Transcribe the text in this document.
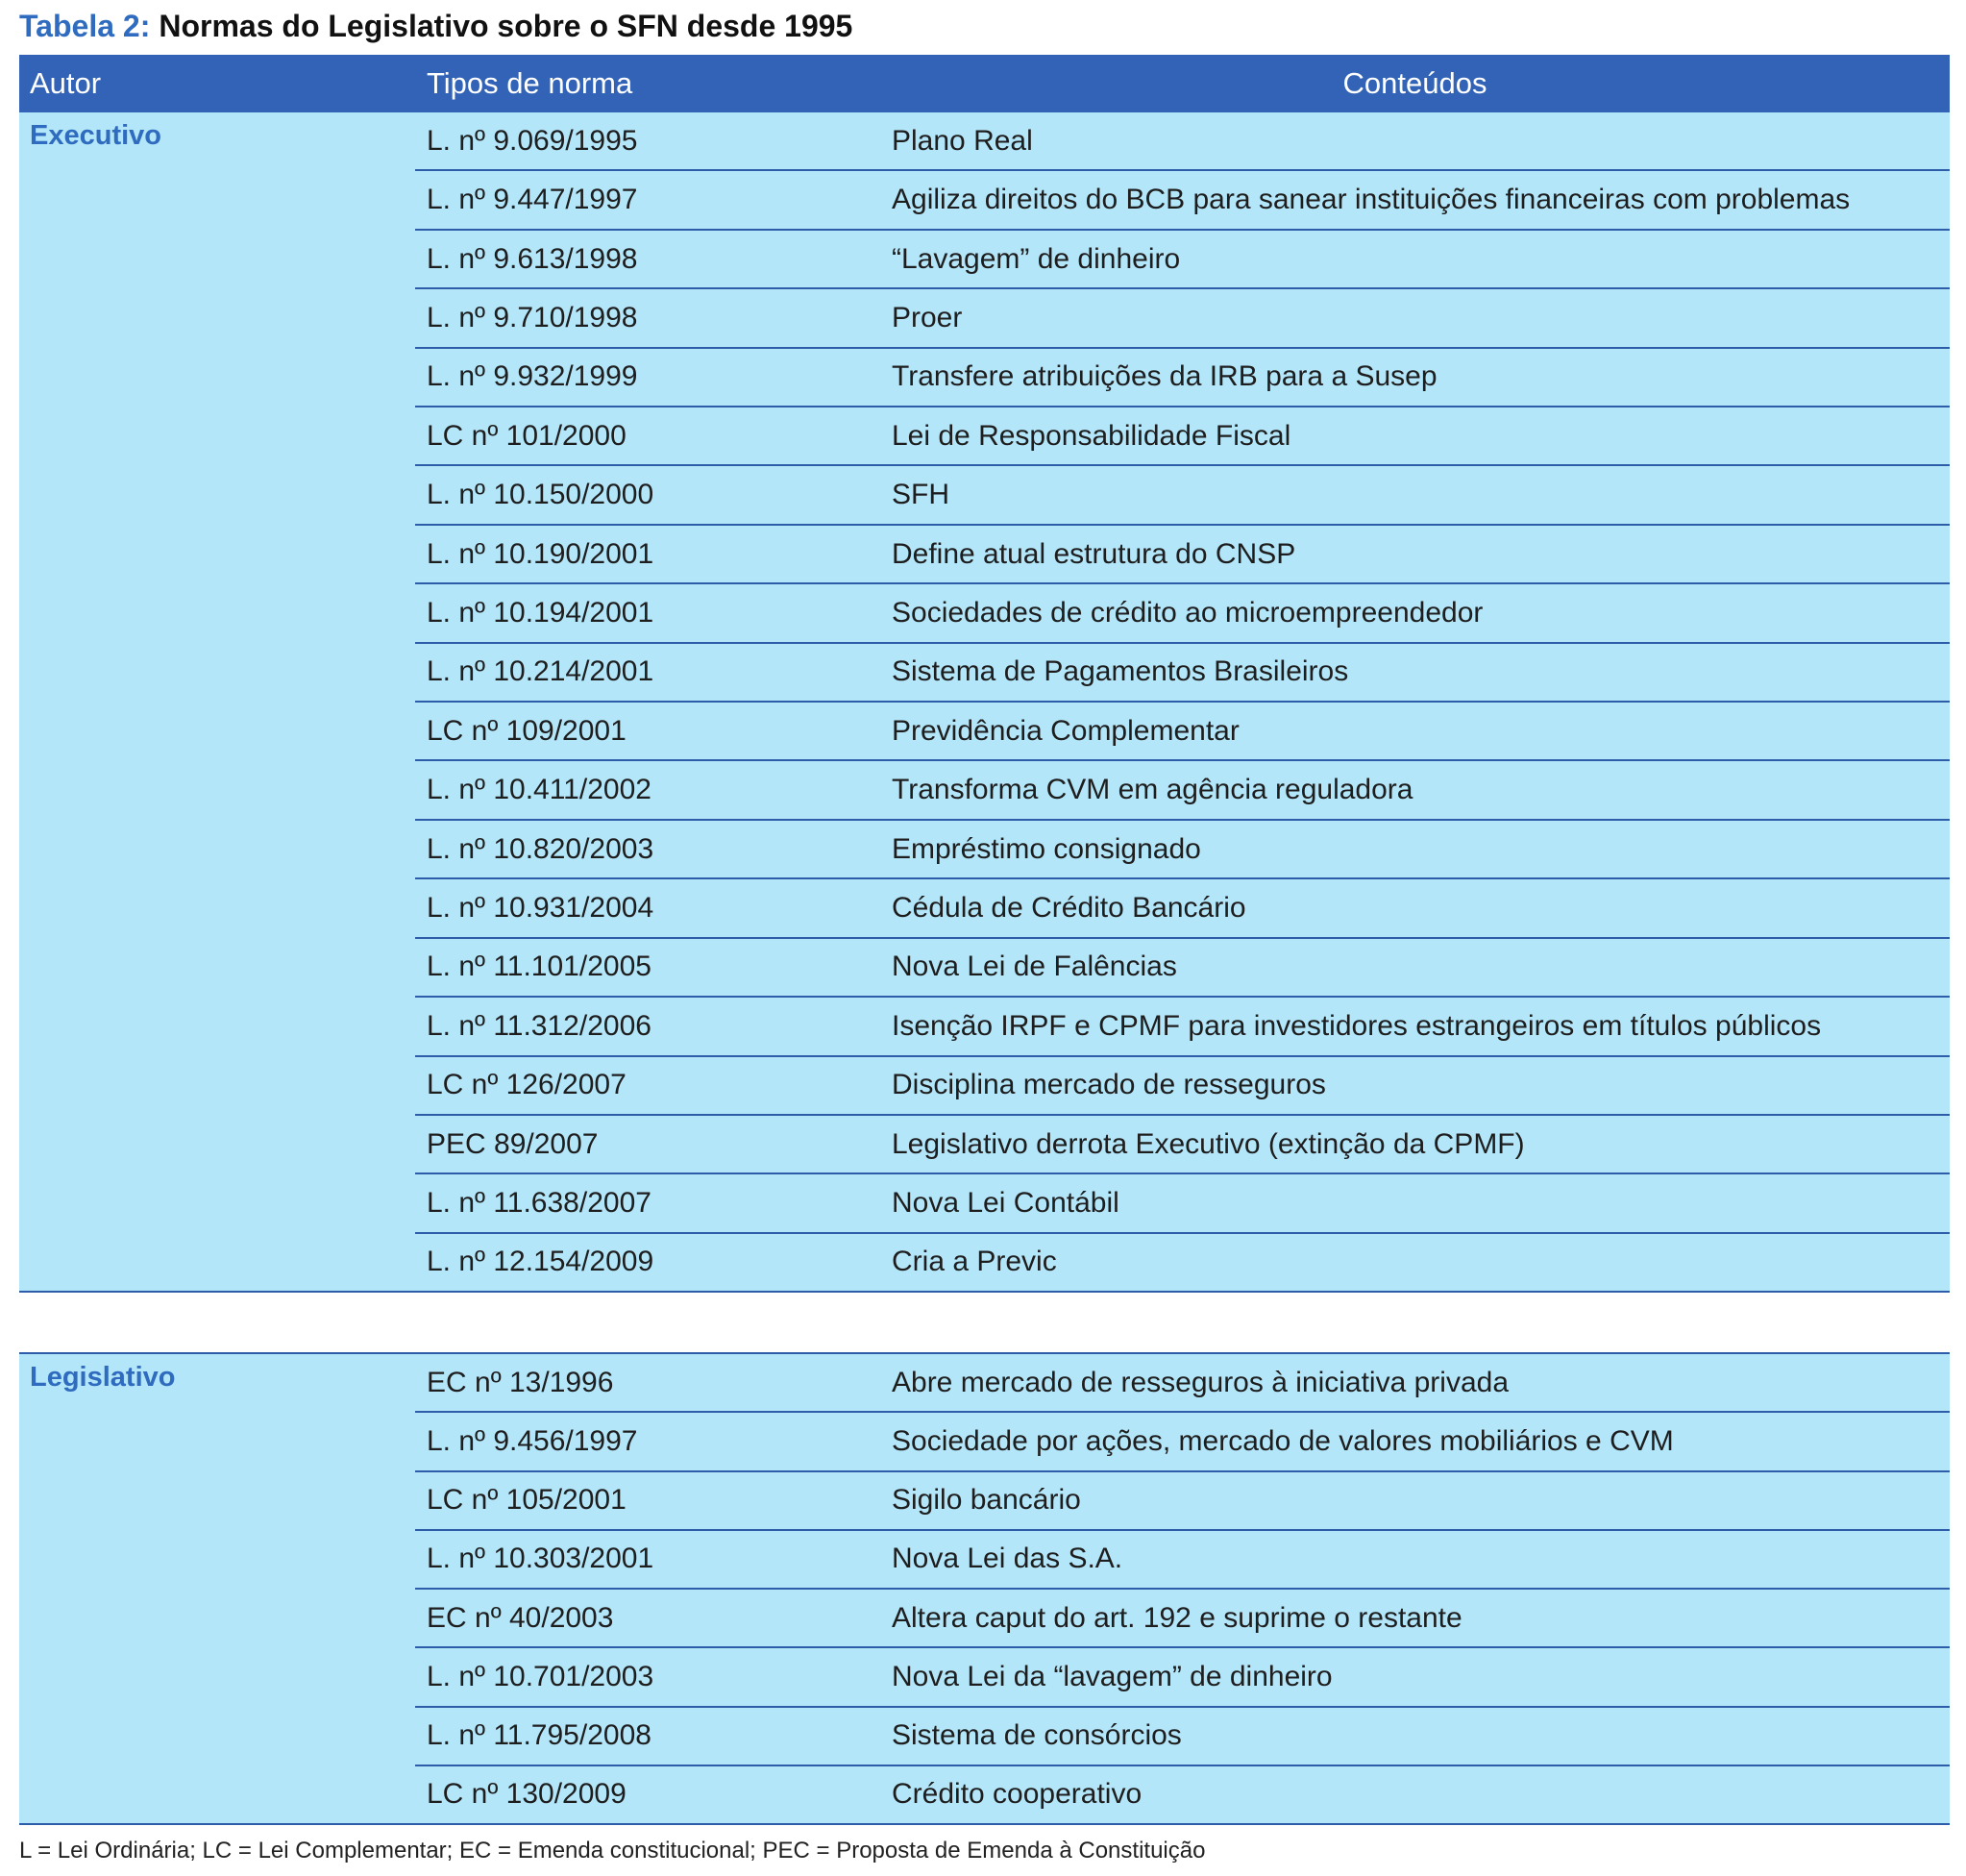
Tabela 2: Normas do Legislativo sobre o SFN desde 1995
Autor	Tipos de norma	Conteúdos
Executivo	L. nº 9.069/1995	Plano Real
L. nº 9.447/1997	Agiliza direitos do BCB para sanear instituições financeiras com problemas
L. nº 9.613/1998	“Lavagem” de dinheiro
L. nº 9.710/1998	Proer
L. nº 9.932/1999	Transfere atribuições da IRB para a Susep
LC nº 101/2000	Lei de Responsabilidade Fiscal
L. nº 10.150/2000	SFH
L. nº 10.190/2001	Define atual estrutura do CNSP
L. nº 10.194/2001	Sociedades de crédito ao microempreendedor
L. nº 10.214/2001	Sistema de Pagamentos Brasileiros
LC nº 109/2001	Previdência Complementar
L. nº 10.411/2002	Transforma CVM em agência reguladora
L. nº 10.820/2003	Empréstimo consignado
L. nº 10.931/2004	Cédula de Crédito Bancário
L. nº 11.101/2005	Nova Lei de Falências
L. nº 11.312/2006	Isenção IRPF e CPMF para investidores estrangeiros em títulos públicos
LC nº 126/2007	Disciplina mercado de resseguros
PEC 89/2007	Legislativo derrota Executivo (extinção da CPMF)
L. nº 11.638/2007	Nova Lei Contábil
L. nº 12.154/2009	Cria a Previc
Legislativo	EC nº 13/1996	Abre mercado de resseguros à iniciativa privada
L. nº 9.456/1997	Sociedade por ações, mercado de valores mobiliários e CVM
LC nº 105/2001	Sigilo bancário
L. nº 10.303/2001	Nova Lei das S.A.
EC nº 40/2003	Altera caput do art. 192 e suprime o restante
L. nº 10.701/2003	Nova Lei da “lavagem” de dinheiro
L. nº 11.795/2008	Sistema de consórcios
LC nº 130/2009	Crédito cooperativo
L = Lei Ordinária; LC = Lei Complementar; EC = Emenda constitucional; PEC = Proposta de Emenda à Constituição
